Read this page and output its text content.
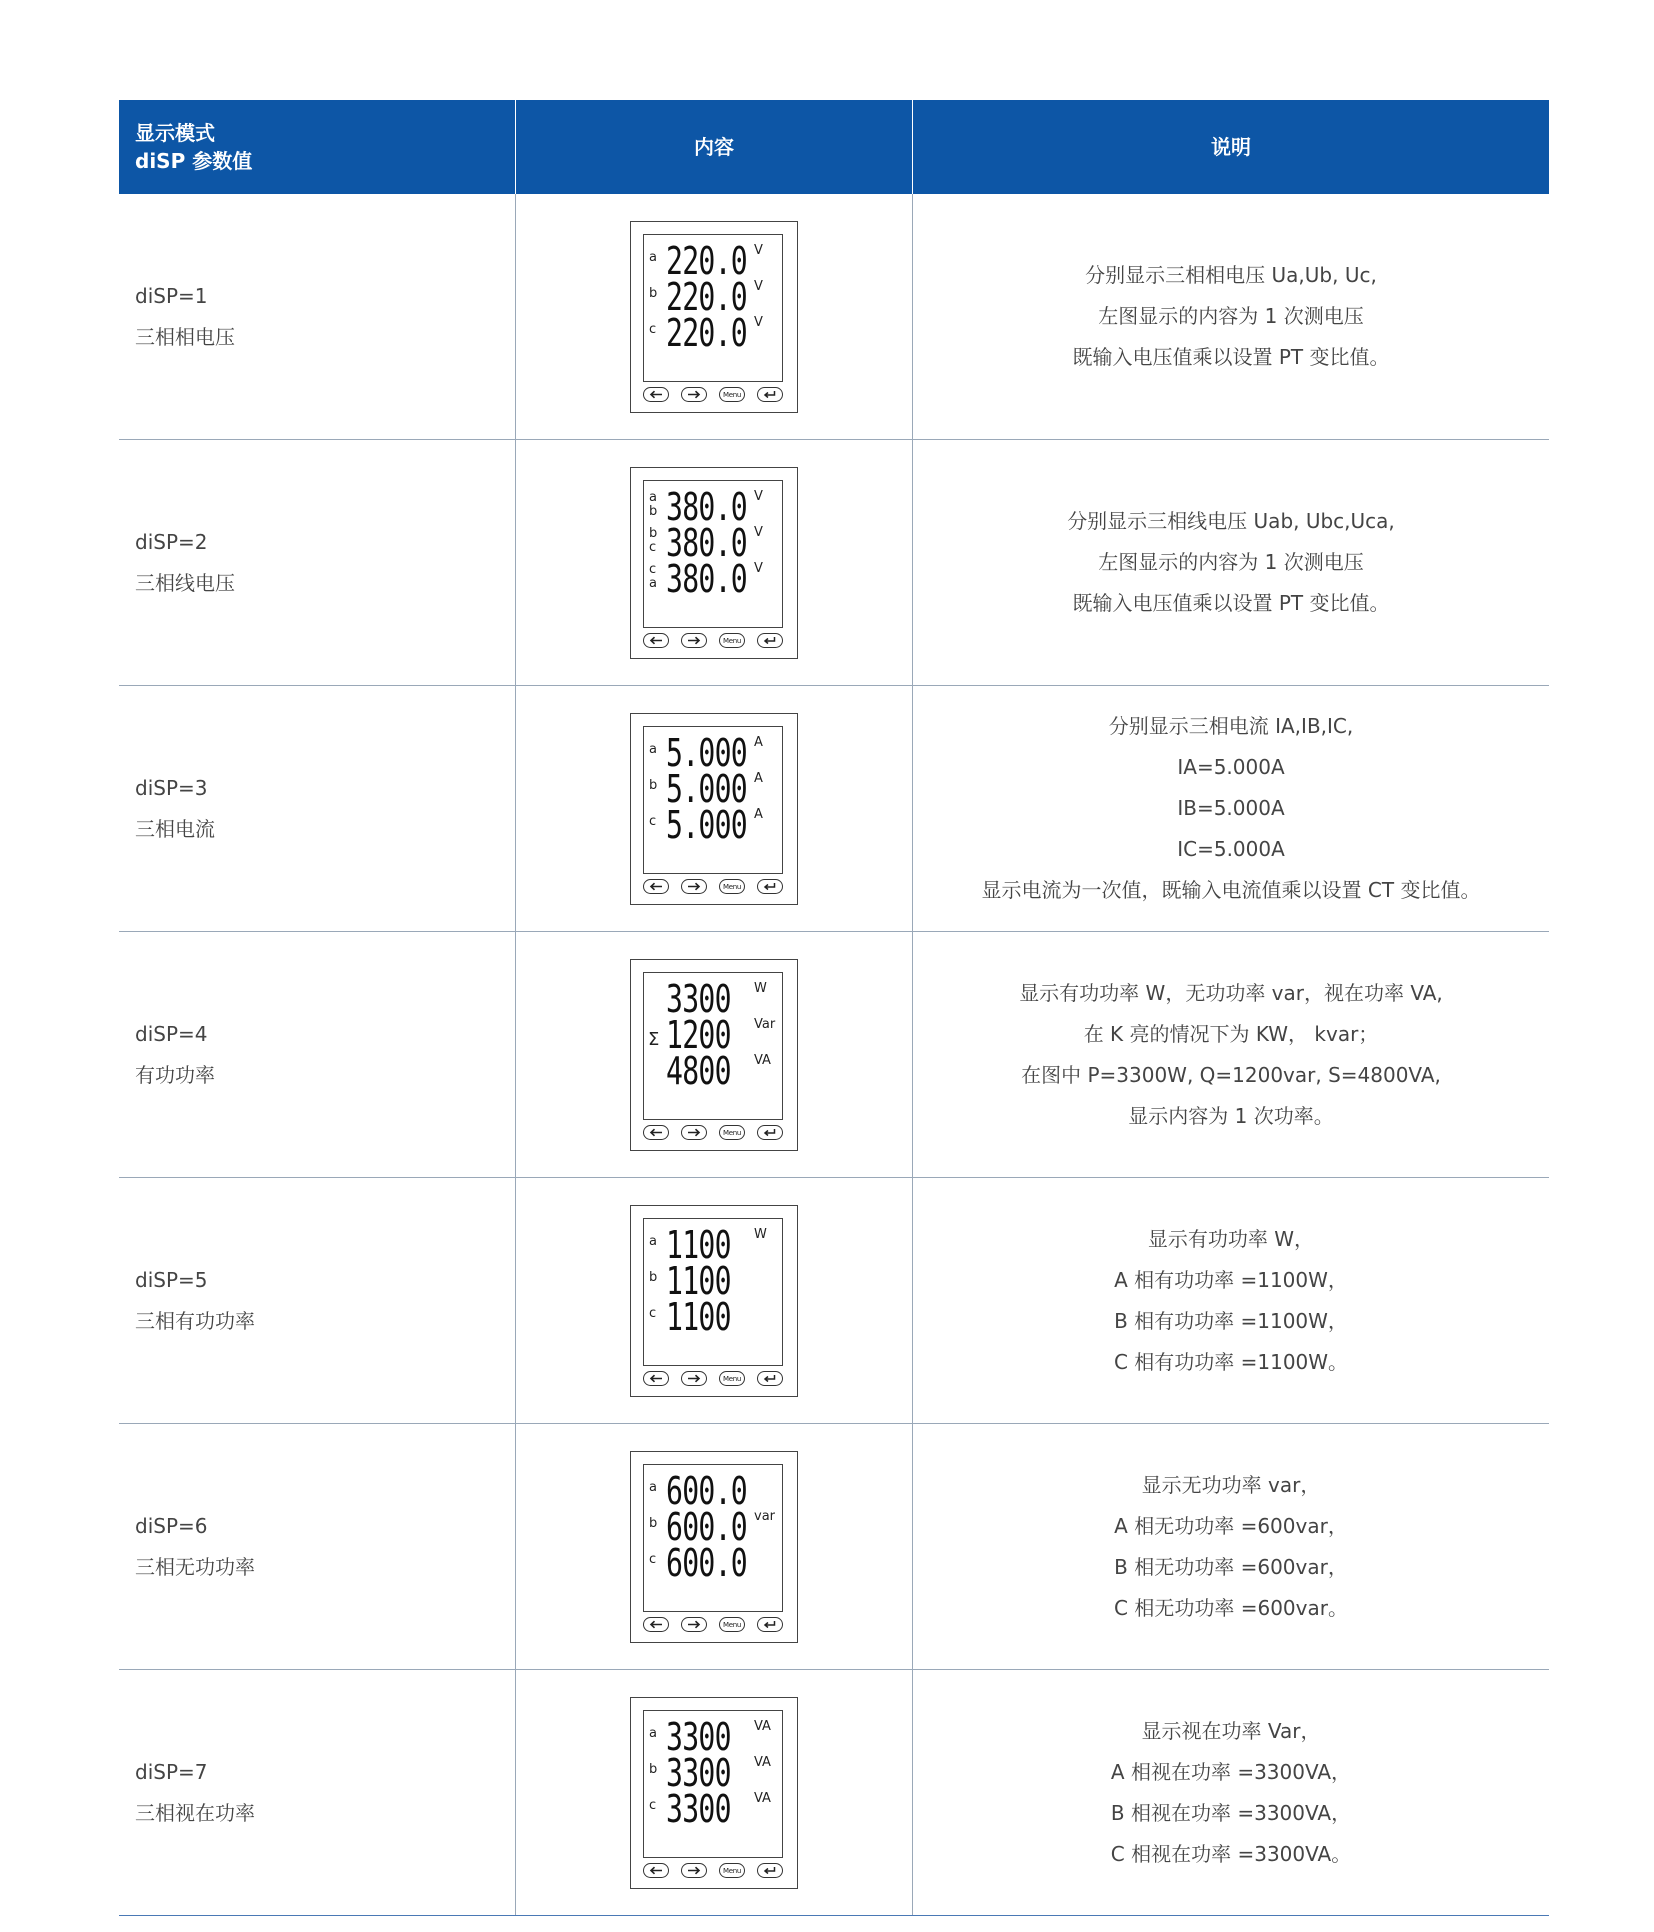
显示模式
diSP 参数值
内容	说明
diSP=1
三相相电压
a 220.0 V
b 220.0 V
c 220.0 V
Menu
分别显示三相相电压 Ua,Ub, Uc,
左图显示的内容为 1 次测电压
既输入电压值乘以设置 PT 变比值。
diSP=2
三相线电压
a
b 380.0 V
b
c 380.0 V
c
a 380.0 V
Menu
分别显示三相线电压 Uab, Ubc,Uca,
左图显示的内容为 1 次测电压
既输入电压值乘以设置 PT 变比值。
diSP=3
三相电流
a 5.000 A
b 5.000 A
c 5.000 A
Menu
分别显示三相电流 IA,IB,IC,
IA=5.000A
IB=5.000A
IC=5.000A
显示电流为一次值，既输入电流值乘以设置 CT 变比值。
diSP=4
有功功率
3300 W
1200 Var
4800 VA
Σ
Menu
显示有功功率 W，无功功率 var，视在功率 VA,
在 K 亮的情况下为 KW， kvar；
在图中 P=3300W, Q=1200var, S=4800VA,
显示内容为 1 次功率。
diSP=5
三相有功功率
a 1100 W
b 1100
c 1100
Menu
显示有功功率 W，
A 相有功功率 =1100W，
B 相有功功率 =1100W，
C 相有功功率 =1100W。
diSP=6
三相无功功率
a 600.0
b 600.0 var
c 600.0
Menu
显示无功功率 var，
A 相无功功率 =600var，
B 相无功功率 =600var，
C 相无功功率 =600var。
diSP=7
三相视在功率
a 3300 VA
b 3300 VA
c 3300 VA
Menu
显示视在功率 Var，
A 相视在功率 =3300VA，
B 相视在功率 =3300VA，
C 相视在功率 =3300VA。
